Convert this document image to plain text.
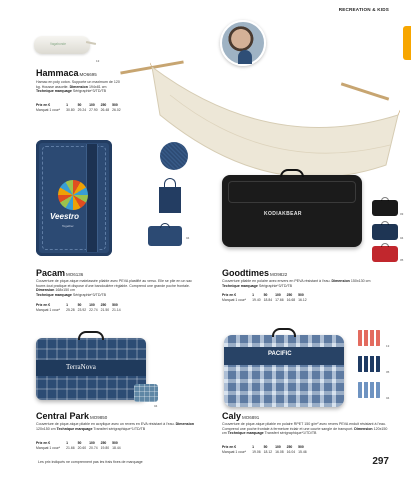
RECREATION & KIDS
Vagabonde
13
HammacaMO6695
Hamac en poly coton. Supporte un maximum de 120 kg. Housse assortie. Dimension 194x81 cm
Technique marquage Sérigraphie*3/TD/TB
Prix en €	1	50	100	250	500
Marquat 1 cour*	30.80	29.24	27.90	26.48	26.02
Veestro
Together
04
PacamMO6136
Couverture de pique-nique matelassée pliable avec PEVA plastifié au verso. Elle se plie en un sac fourre-tout pratique et dispose d'une bandoulière réglable. Comprend une grande poche frontale. Dimension 168x150 cm
Technique marquage Sérigraphie*3/TD/TB
Prix en €	1	50	100	250	500
Marquat 1 cour*	25.28	23.92	22.74	21.50	21.14
KODIAKBEAR	03
04
05
GoodtimesMO9822
Couverture pliable en polaire avec envers en PEVA résistant à l'eau. Dimension 150x130 cm Technique marquage Sérigraphie*3/TD/TB
Prix en €	1	50	100	250	500
Marquat 1 cour*	19.40	18.84	17.66	16.68	16.12
TerraNova
04
Central ParkMO9850
Couverture de pique-nique pliable en acrylique avec un revers en EVA résistant à l'eau. Dimension 120x150 cm Technique marquage Transfert sérigraphique*1/TD/TB
Prix en €	1	50	100	250	500
Marquat 1 cour*	21.66	20.60	20.74	19.80	18.44
PACIFIC
13
05
04
CalyMO6891
Couverture de pique-nique pliable en polaire RPET 150 g/m² avec revers PEVA enduit résistant à l'eau. Comprend une poche frontale à fermeture éclair et une courte sangle de transport. Dimension 120x150 cm Technique marquage Transfert sérigraphique*1/TD/TB
Prix en €	1	50	100	250	500
Marquat 1 cour*	19.06	18.12	16.08	16.04	15.46
Les prix indiqués ne comprennent pas les frais fixes de marquage	297
